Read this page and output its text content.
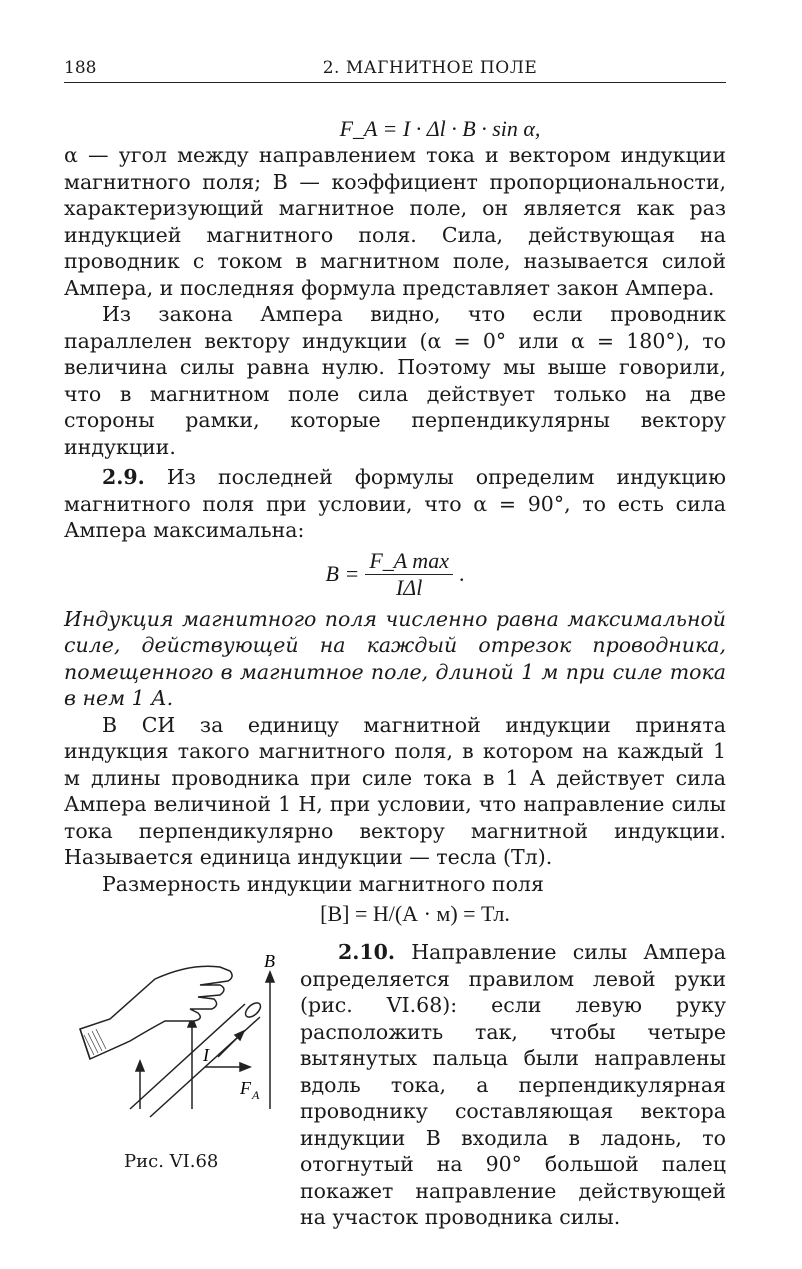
188	2. МАГНИТНОЕ ПОЛЕ
F_A = I · Δl · B · sin α,

α — угол между направлением тока и вектором индукции магнитного поля; B — коэффициент пропорциональности, характеризующий магнитное поле, он является как раз индукцией магнитного поля. Сила, действующая на проводник с током в магнитном поле, называется силой Ампера, и последняя формула представляет закон Ампера.

Из закона Ампера видно, что если проводник параллелен вектору индукции (α = 0° или α = 180°), то величина силы равна нулю. Поэтому мы выше говорили, что в магнитном поле сила действует только на две стороны рамки, которые перпендикулярны вектору индукции.

2.9. Из последней формулы определим индукцию магнитного поля при условии, что α = 90°, то есть сила Ампера максимальна:

$B = \frac{\text{F\_A max}}{\text{IΔl}}$ .

Индукция магнитного поля численно равна максимальной силе, действующей на каждый отрезок проводника, помещенного в магнитное поле, длиной 1 м при силе тока в нем 1 А.

В СИ за единицу магнитной индукции принята индукция такого магнитного поля, в котором на каждый 1 м длины проводника при силе тока в 1 А действует сила Ампера величиной 1 Н, при условии, что направление силы тока перпендикулярно вектору магнитной индукции. Называется единица индукции — тесла (Тл).

Размерность индукции магнитного поля

[B] = Н/(А · м) = Тл.
B
I
F A
Рис. VI.68

2.10. Направление силы Ампера определяется правилом левой руки (рис. VI.68): если левую руку расположить так, чтобы четыре вытянутых пальца были направлены вдоль тока, а перпендикулярная проводнику составляющая вектора индукции B входила в ладонь, то отогнутый на 90° большой палец покажет направление действующей на участок проводника силы.
